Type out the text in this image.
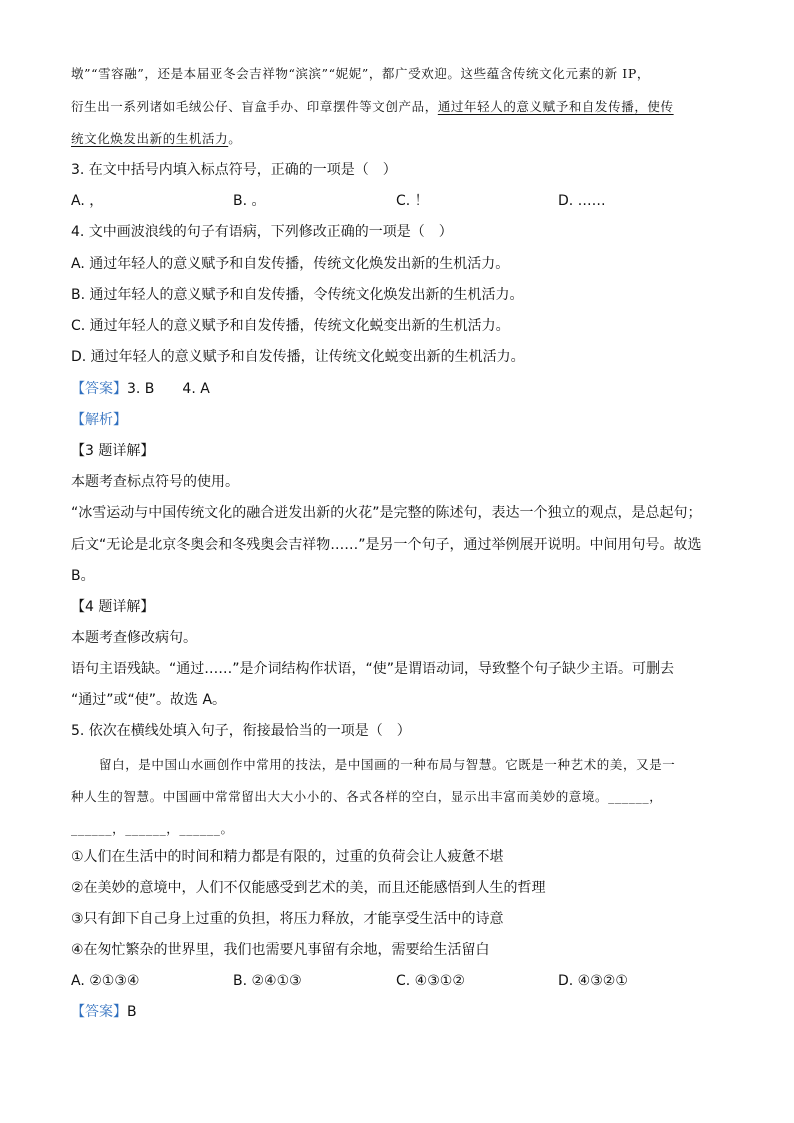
墩”“雪容融”，还是本届亚冬会吉祥物“滨滨”“妮妮”，都广受欢迎。这些蕴含传统文化元素的新 IP，
衍生出一系列诸如毛绒公仔、盲盒手办、印章摆件等文创产品，通过年轻人的意义赋予和自发传播，使传
统文化焕发出新的生机活力。
3. 在文中括号内填入标点符号，正确的一项是（　）
A. ，	B. 。	C. ！	D. ……
4. 文中画波浪线的句子有语病，下列修改正确的一项是（　）
A. 通过年轻人的意义赋予和自发传播，传统文化焕发出新的生机活力。
B. 通过年轻人的意义赋予和自发传播，令传统文化焕发出新的生机活力。
C. 通过年轻人的意义赋予和自发传播，传统文化蜕变出新的生机活力。
D. 通过年轻人的意义赋予和自发传播，让传统文化蜕变出新的生机活力。
【答案】3. B　　4. A
【解析】
【3 题详解】
本题考查标点符号的使用。
“冰雪运动与中国传统文化的融合迸发出新的火花”是完整的陈述句，表达一个独立的观点，是总起句；
后文“无论是北京冬奥会和冬残奥会吉祥物……”是另一个句子，通过举例展开说明。中间用句号。故选
B。
【4 题详解】
本题考查修改病句。
语句主语残缺。“通过……”是介词结构作状语，“使”是谓语动词，导致整个句子缺少主语。可删去
“通过”或“使”。故选 A。
5. 依次在横线处填入句子，衔接最恰当的一项是（　）
留白，是中国山水画创作中常用的技法，是中国画的一种布局与智慧。它既是一种艺术的美，又是一
种人生的智慧。中国画中常常留出大大小小的、各式各样的空白，显示出丰富而美妙的意境。______，
______，______，______。
①人们在生活中的时间和精力都是有限的，过重的负荷会让人疲惫不堪
②在美妙的意境中，人们不仅能感受到艺术的美，而且还能感悟到人生的哲理
③只有卸下自己身上过重的负担，将压力释放，才能享受生活中的诗意
④在匆忙繁杂的世界里，我们也需要凡事留有余地，需要给生活留白
A. ②①③④	B. ②④①③	C. ④③①②	D. ④③②①
【答案】B
